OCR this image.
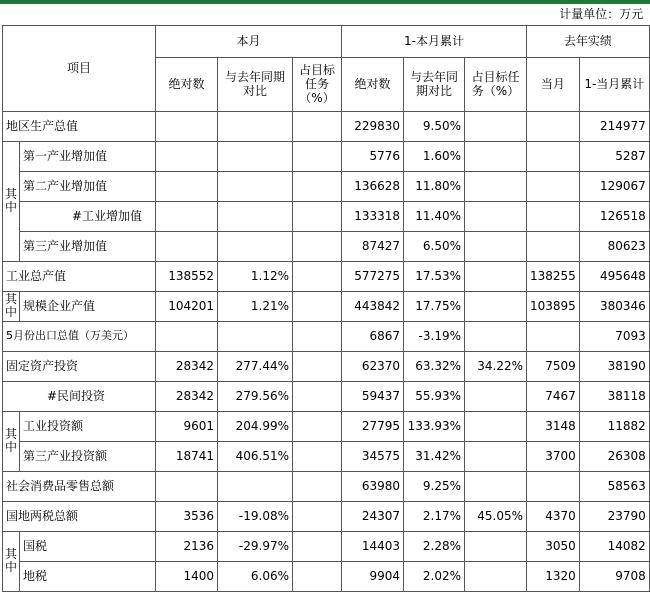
								计量单位：万元	
项目		本月			1-本月累计			去年实绩	
		绝对数	与去年同期对比	占目标任务（%）	绝对数	与去年同期对比	占目标任务（%）	当月	1-当月累计
地区生产总值					229830	9.50%			214977
其中	第一产业增加值				5776	1.60%			5287
	第二产业增加值				136628	11.80%			129067
	#工业增加值				133318	11.40%			126518
	第三产业增加值				87427	6.50%			80623
工业总产值		138552	1.12%		577275	17.53%		138255	495648
其中	规模企业产值	104201	1.21%		443842	17.75%		103895	380346
5月份出口总值（万美元）					6867	-3.19%			7093
固定资产投资		28342	277.44%		62370	63.32%	34.22%	7509	38190
#民间投资		28342	279.56%		59437	55.93%		7467	38118
其中	工业投资额	9601	204.99%		27795	133.93%		3148	11882
	第三产业投资额	18741	406.51%		34575	31.42%		3700	26308
社会消费品零售总额					63980	9.25%			58563
国地两税总额		3536	-19.08%		24307	2.17%	45.05%	4370	23790
其中	国税	2136	-29.97%		14403	2.28%		3050	14082
	地税	1400	6.06%		9904	2.02%		1320	9708
